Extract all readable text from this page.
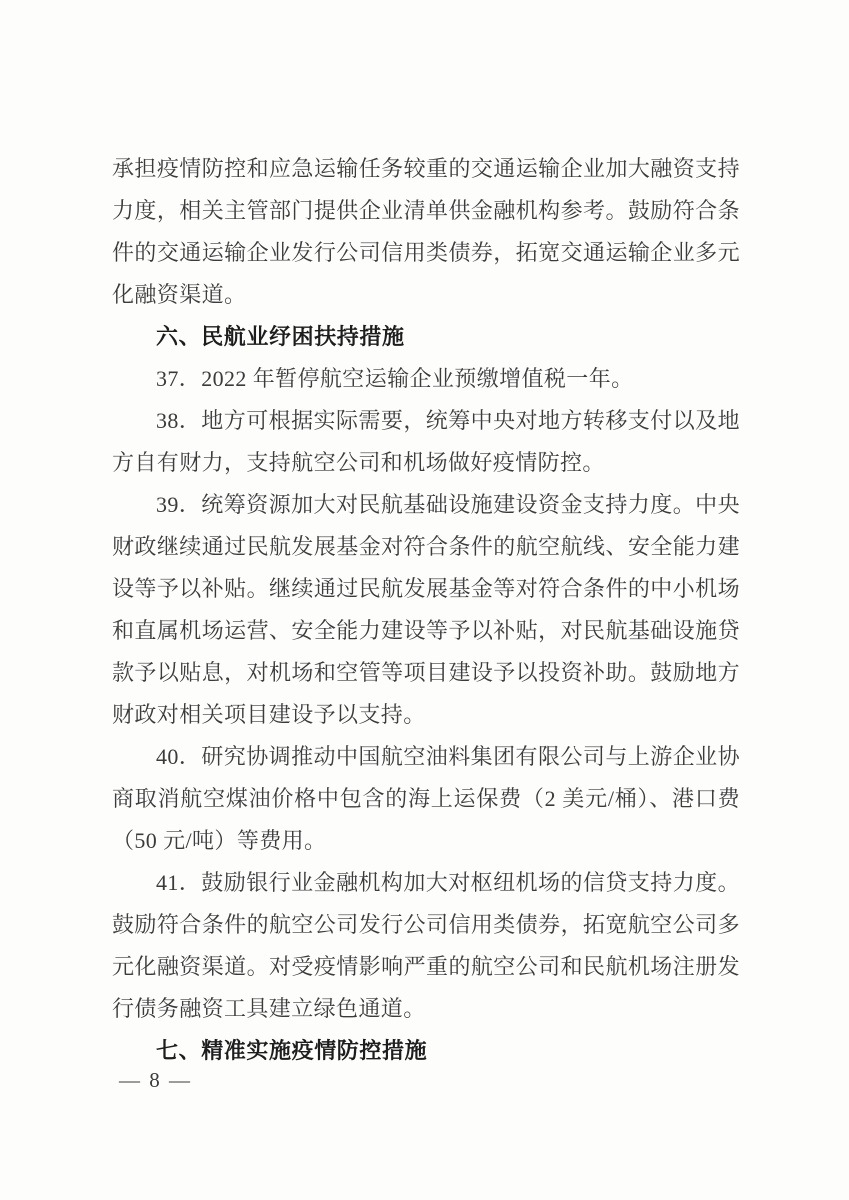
承担疫情防控和应急运输任务较重的交通运输企业加大融资支持力度，相关主管部门提供企业清单供金融机构参考。鼓励符合条件的交通运输企业发行公司信用类债券，拓宽交通运输企业多元化融资渠道。

六、民航业纾困扶持措施

37．2022 年暂停航空运输企业预缴增值税一年。

38．地方可根据实际需要，统筹中央对地方转移支付以及地方自有财力，支持航空公司和机场做好疫情防控。

39．统筹资源加大对民航基础设施建设资金支持力度。中央财政继续通过民航发展基金对符合条件的航空航线、安全能力建设等予以补贴。继续通过民航发展基金等对符合条件的中小机场和直属机场运营、安全能力建设等予以补贴，对民航基础设施贷款予以贴息，对机场和空管等项目建设予以投资补助。鼓励地方财政对相关项目建设予以支持。

40．研究协调推动中国航空油料集团有限公司与上游企业协商取消航空煤油价格中包含的海上运保费（2 美元/桶）、港口费（50 元/吨）等费用。

41．鼓励银行业金融机构加大对枢纽机场的信贷支持力度。鼓励符合条件的航空公司发行公司信用类债券，拓宽航空公司多元化融资渠道。对受疫情影响严重的航空公司和民航机场注册发行债务融资工具建立绿色通道。

七、精准实施疫情防控措施

— 8 —
